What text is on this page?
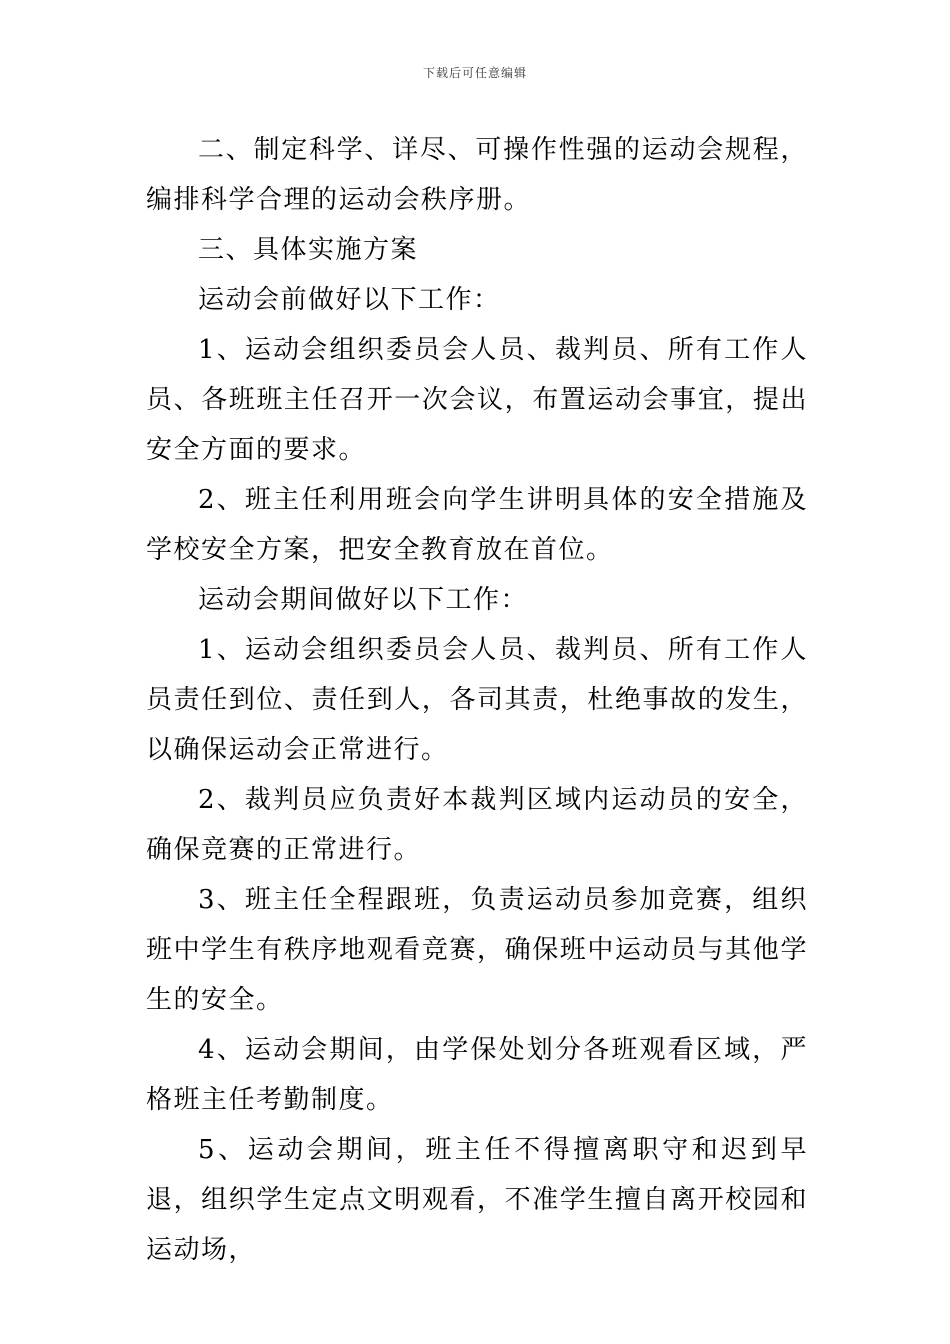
下载后可任意编辑

二、制定科学、详尽、可操作性强的运动会规程，编排科学合理的运动会秩序册。

三、具体实施方案

运动会前做好以下工作：

1、运动会组织委员会人员、裁判员、所有工作人员、各班班主任召开一次会议，布置运动会事宜，提出安全方面的要求。

2、班主任利用班会向学生讲明具体的安全措施及学校安全方案，把安全教育放在首位。

运动会期间做好以下工作：

1、运动会组织委员会人员、裁判员、所有工作人员责任到位、责任到人，各司其责，杜绝事故的发生，以确保运动会正常进行。

2、裁判员应负责好本裁判区域内运动员的安全，确保竞赛的正常进行。

3、班主任全程跟班，负责运动员参加竞赛，组织班中学生有秩序地观看竞赛，确保班中运动员与其他学生的安全。

4、运动会期间，由学保处划分各班观看区域，严格班主任考勤制度。

5、运动会期间，班主任不得擅离职守和迟到早退，组织学生定点文明观看，不准学生擅自离开校园和运动场，
